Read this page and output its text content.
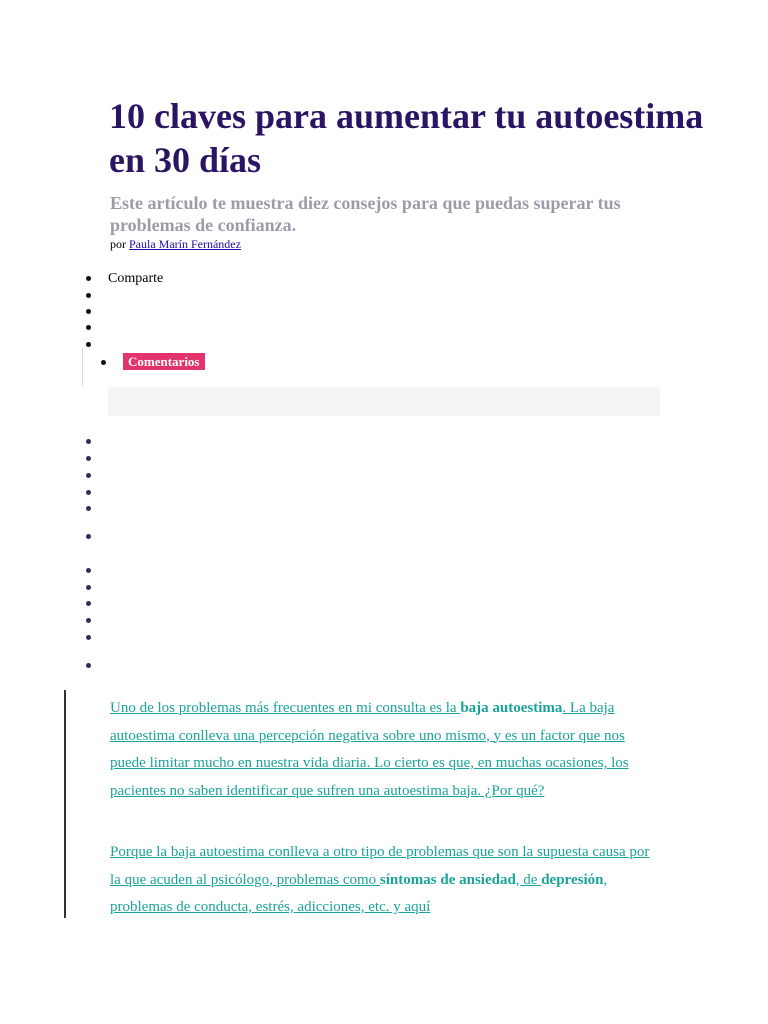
10 claves para aumentar tu autoestima en 30 días

Este artículo te muestra diez consejos para que puedas superar tus problemas de confianza.

por Paula Marín Fernández
Comparte
Comentarios

Uno de los problemas más frecuentes en mi consulta es la baja autoestima. La baja autoestima conlleva una percepción negativa sobre uno mismo, y es un factor que nos puede limitar mucho en nuestra vida diaria. Lo cierto es que, en muchas ocasiones, los pacientes no saben identificar que sufren una autoestima baja. ¿Por qué?

Porque la baja autoestima conlleva a otro tipo de problemas que son la supuesta causa por la que acuden al psicólogo, problemas como síntomas de ansiedad, de depresión, problemas de conducta, estrés, adicciones, etc. y aquí
